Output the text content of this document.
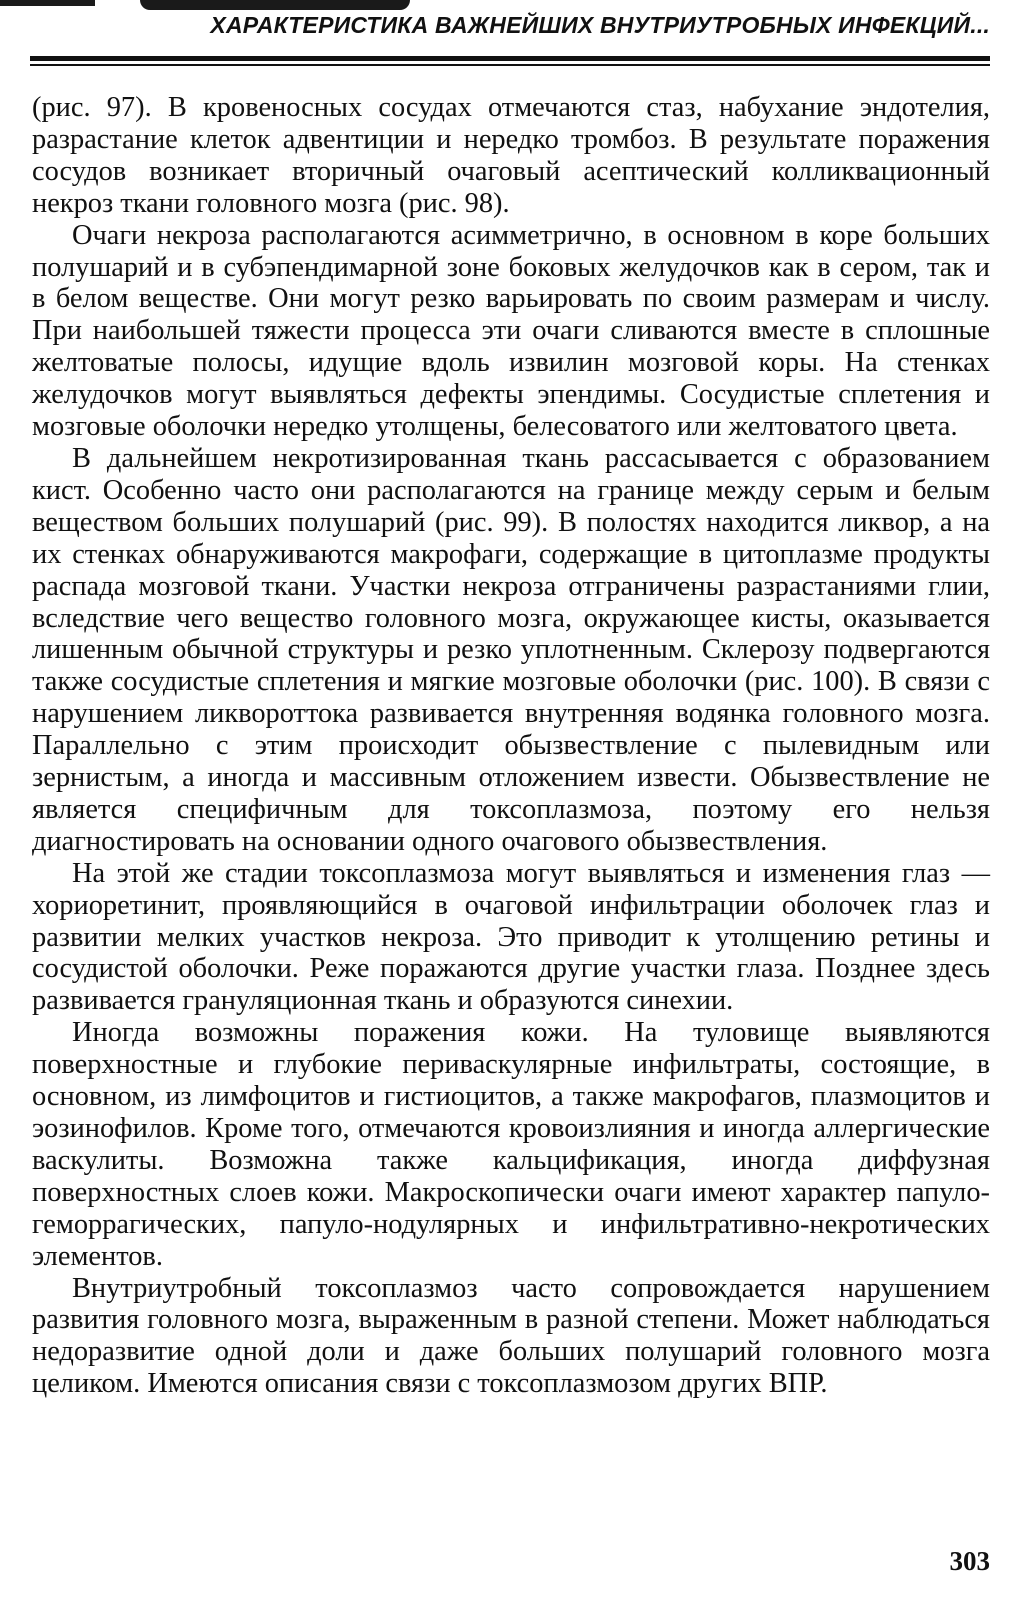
ХАРАКТЕРИСТИКА ВАЖНЕЙШИХ ВНУТРИУТРОБНЫХ ИНФЕКЦИЙ...

(рис. 97). В кровеносных сосудах отмечаются стаз, набухание эндотелия, разрастание клеток адвентиции и нередко тромбоз. В результате поражения сосудов возникает вторичный очаговый асептический колликвационный некроз ткани головного мозга (рис. 98).

Очаги некроза располагаются асимметрично, в основном в коре больших полушарий и в субэпендимарной зоне боковых желудочков как в сером, так и в белом веществе. Они могут резко варьировать по своим размерам и числу. При наибольшей тяжести процесса эти очаги сливаются вместе в сплошные желтоватые полосы, идущие вдоль извилин мозговой коры. На стенках желудочков могут выявляться дефекты эпендимы. Сосудистые сплетения и мозговые оболочки нередко утолщены, белесоватого или желтоватого цвета.

В дальнейшем некротизированная ткань рассасывается с образованием кист. Особенно часто они располагаются на границе между серым и белым веществом больших полушарий (рис. 99). В полостях находится ликвор, а на их стенках обнаруживаются макрофаги, содержащие в цитоплазме продукты распада мозговой ткани. Участки некроза отграничены разрастаниями глии, вследствие чего вещество головного мозга, окружающее кисты, оказывается лишенным обычной структуры и резко уплотненным. Склерозу подвергаются также сосудистые сплетения и мягкие мозговые оболочки (рис. 100). В связи с нарушением ликвороттока развивается внутренняя водянка головного мозга. Параллельно с этим происходит обызвествление с пылевидным или зернистым, а иногда и массивным отложением извести. Обызвествление не является специфичным для токсоплазмоза, поэтому его нельзя диагностировать на основании одного очагового обызвествления.

На этой же стадии токсоплазмоза могут выявляться и изменения глаз — хориоретинит, проявляющийся в очаговой инфильтрации оболочек глаз и развитии мелких участков некроза. Это приводит к утолщению ретины и сосудистой оболочки. Реже поражаются другие участки глаза. Позднее здесь развивается грануляционная ткань и образуются синехии.

Иногда возможны поражения кожи. На туловище выявляются поверхностные и глубокие периваскулярные инфильтраты, состоящие, в основном, из лимфоцитов и гистиоцитов, а также макрофагов, плазмоцитов и эозинофилов. Кроме того, отмечаются кровоизлияния и иногда аллергические васкулиты. Возможна также кальцификация, иногда диффузная поверхностных слоев кожи. Макроскопически очаги имеют характер папуло-геморрагических, папуло-нодулярных и инфильтративно-некротических элементов.

Внутриутробный токсоплазмоз часто сопровождается нарушением развития головного мозга, выраженным в разной степени. Может наблюдаться недоразвитие одной доли и даже больших полушарий головного мозга целиком. Имеются описания связи с токсоплазмозом других ВПР.

303
